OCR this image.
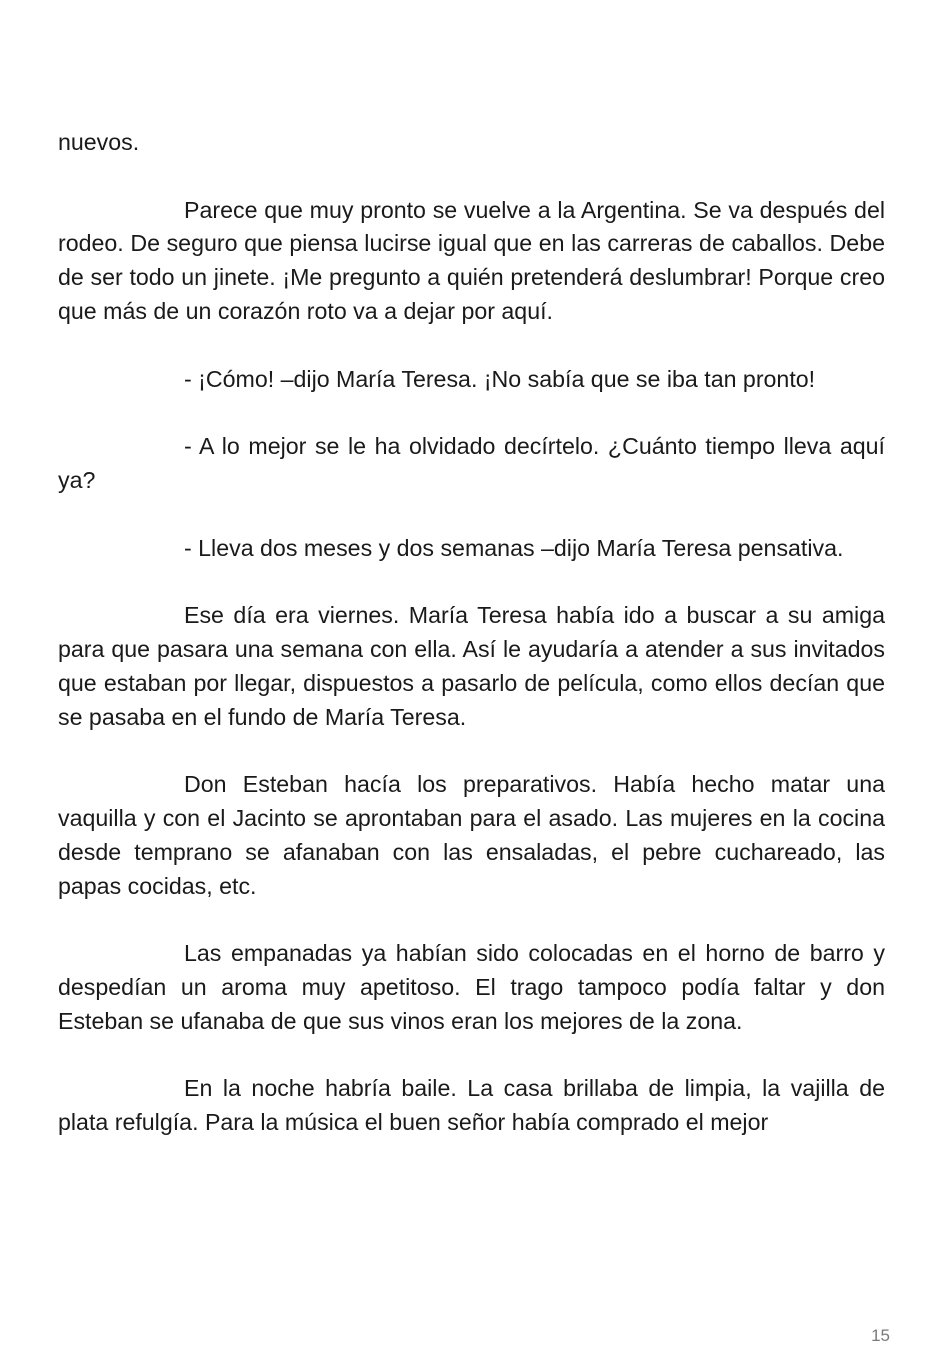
nuevos.

Parece que muy pronto se vuelve a la Argentina. Se va después del rodeo. De seguro que piensa lucirse igual que en las carreras de caballos. Debe de ser todo un jinete. ¡Me pregunto a quién pretenderá deslumbrar! Porque creo que más de un corazón roto va a dejar por aquí.

- ¡Cómo! –dijo María Teresa. ¡No sabía que se iba tan pronto!

- A lo mejor se le ha olvidado decírtelo. ¿Cuánto tiempo lleva aquí ya?

- Lleva dos meses y dos semanas –dijo María Teresa pensativa.

Ese día era viernes. María Teresa había ido a buscar a su amiga para que pasara una semana con ella. Así le ayudaría a atender a sus invitados que estaban por llegar, dispuestos a pasarlo de película, como ellos decían que se pasaba en el fundo de María Teresa.

Don Esteban hacía los preparativos. Había hecho matar una vaquilla y con el Jacinto se aprontaban para el asado. Las mujeres en la cocina desde temprano se afanaban con las ensaladas, el pebre cuchareado, las papas cocidas, etc.

Las empanadas ya habían sido colocadas en el horno de barro y despedían un aroma muy apetitoso. El trago tampoco podía faltar y don Esteban se ufanaba de que sus vinos eran los mejores de la zona.

En la noche habría baile. La casa brillaba de limpia, la vajilla de plata refulgía. Para la música el buen señor había comprado el mejor

15
